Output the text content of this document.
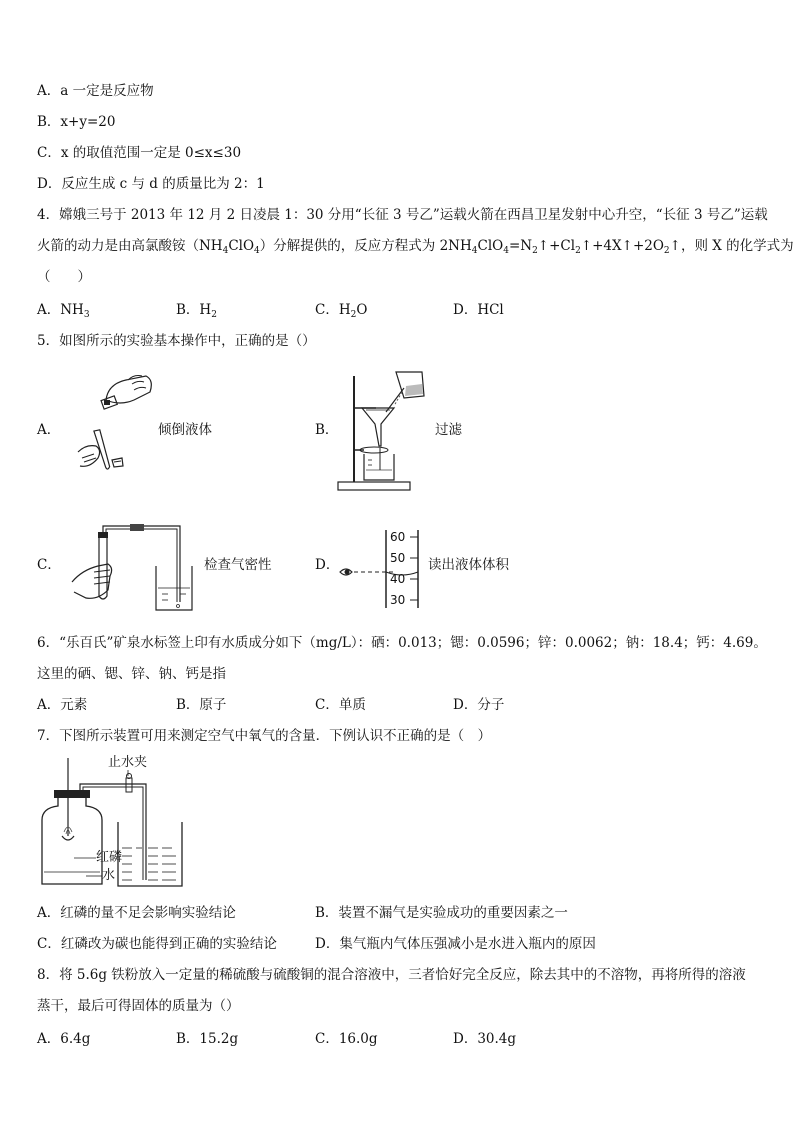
A．a 一定是反应物
B．x+y=20
C．x 的取值范围一定是 0≤x≤30
D．反应生成 c 与 d 的质量比为 2：1
4．嫦娥三号于 2013 年 12 月 2 日凌晨 1：30 分用“长征 3 号乙”运载火箭在西昌卫星发射中心升空，“长征 3 号乙”运载
火箭的动力是由高氯酸铵$(NH_4ClO_4)$分解提供的，反应方程式为 $2NH_4ClO_4=N_2↑+Cl_2↑+4X↑+2O_2↑$，则 X 的化学式为
（　　）
A．$NH_3$	B．$H_2$	C．$H_2O$	D．HCl
5．如图所示的实验基本操作中，正确的是（）
A．	倾倒液体	B．	过滤
C．	检查气密性	D．
60
50
40
30
读出液体体积
6．“乐百氏”矿泉水标签上印有水质成分如下（mg/L）：硒：0.013；锶：0.0596；锌：0.0062；钠：18.4；钙：4.69。
这里的硒、锶、锌、钠、钙是指
A．元素	B．原子	C．单质	D．分子
7．下图所示装置可用来测定空气中氧气的含量．下例认识不正确的是（　）
止水夹
红磷
水
A．红磷的量不足会影响实验结论	B．装置不漏气是实验成功的重要因素之一
C．红磷改为碳也能得到正确的实验结论	D．集气瓶内气体压强减小是水进入瓶内的原因
8．将 5.6g 铁粉放入一定量的稀硫酸与硫酸铜的混合溶液中，三者恰好完全反应，除去其中的不溶物，再将所得的溶液
蒸干，最后可得固体的质量为（）
A．6.4g	B．15.2g	C．16.0g	D．30.4g
